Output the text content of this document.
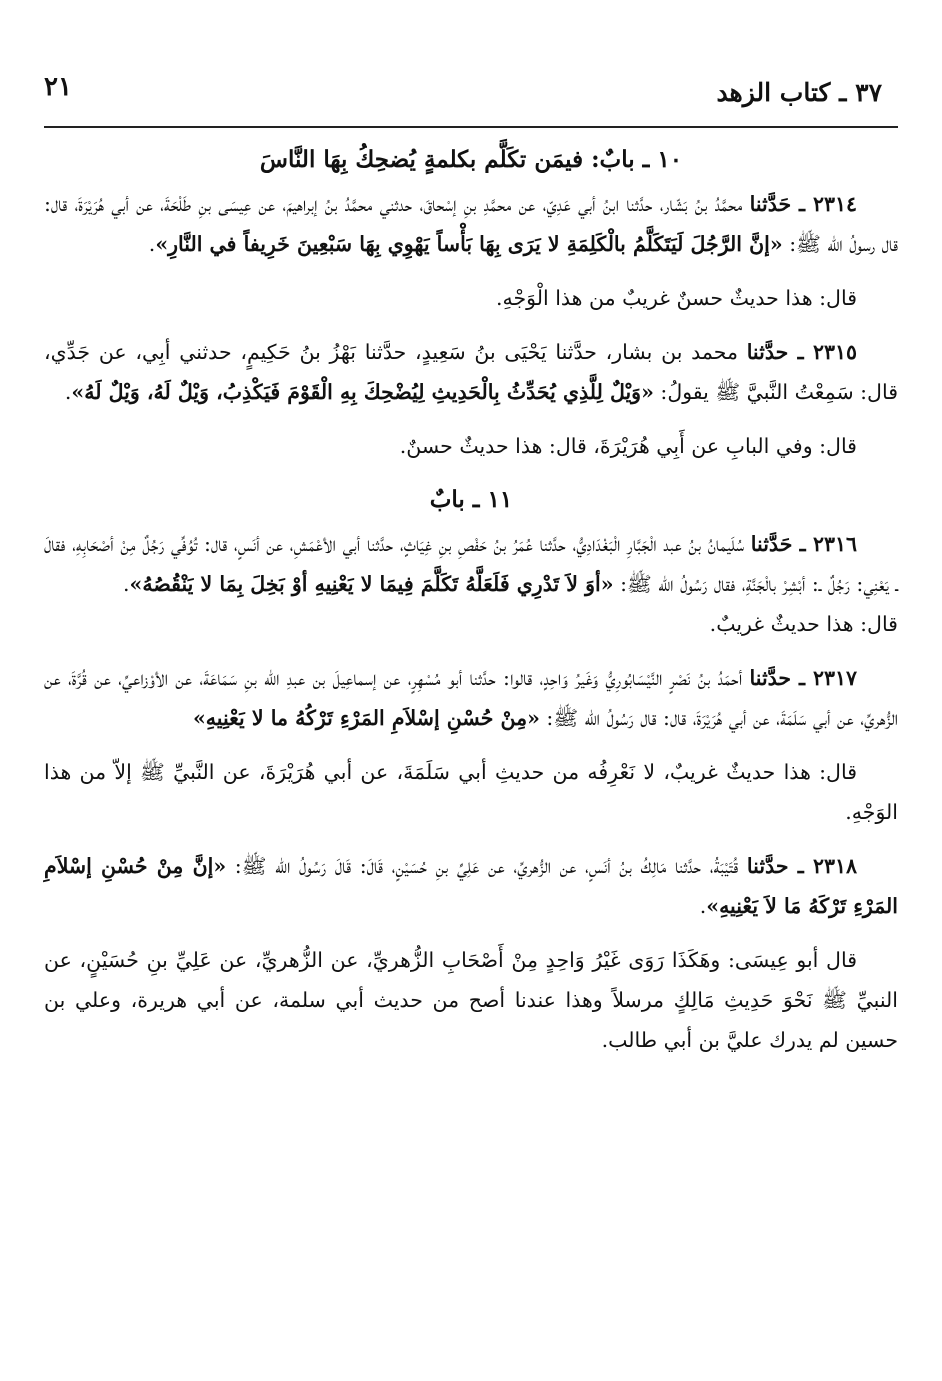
٣٧ ـ كتاب الزهد
٢١
١٠ ـ بابٌ: فيمَن تكَلَّم بكلمةٍ يُضحِكُ بِهَا النَّاسَ

٢٣١٤ ـ حَدَّثنا محمَّدُ بنُ بَشّار، حدَّثنا ابنُ أبي عَدِيّ، عن محمَّدِ بنِ إسْحاقَ، حدثني محمَّدُ بنُ إبراهيمَ، عن عِيسَى بنِ طَلْحَةَ، عن أبي هُرَيْرَةَ، قال: قال رسولُ الله ﷺ: «إنَّ الرَّجُلَ لَيَتَكَلَّمُ بالْكَلِمَةِ لا يَرَى بِهَا بَأْساً يَهْوِي بِهَا سَبْعِينَ خَرِيفاً في النَّارِ».

قال: هذا حديثٌ حسنٌ غريبٌ من هذا الْوَجْهِ.

٢٣١٥ ـ حدَّثنا محمد بن بشار، حدَّثنا يَحْيَى بنُ سَعِيدٍ، حدَّثنا بَهْزُ بنُ حَكِيمٍ، حدثني أبِي، عن جَدِّي، قال: سَمِعْتُ النَّبيَّ ﷺ يقولُ: «وَيْلٌ لِلَّذِي يُحَدِّثُ بِالْحَدِيثِ لِيُضْحِكَ بِهِ الْقَوْمَ فَيَكْذِبُ، وَيْلٌ لَهُ، وَيْلٌ لَهُ».

قال: وفي البابِ عن أَبِي هُرَيْرَةَ، قال: هذا حديثٌ حسنٌ.

١١ ـ بابٌ

٢٣١٦ ـ حَدَّثنا سُلَيمانُ بنُ عبد الْجَبَّارِ الْبَغْدَادِيُّ، حدَّثنا عُمَرُ بنُ حَفْصِ بنِ غِيَاثٍ، حدَّثنا أبي الأعْمَشِ، عن أنَسٍ، قال: تُوُفِّي رَجُلٌ مِنْ أصْحَابِهِ، فقالَ ـ يَعْنِي: رَجُلٌ ـ: أبْشِرْ بالْجَنَّةِ، فقال رَسُولُ الله ﷺ: «أوَ لاَ تَدْرِي فَلَعَلَّهُ تَكَلَّمَ فِيمَا لا يَعْنِيهِ أوْ بَخِلَ بِمَا لا يَنْقُصُهُ».

قال: هذا حديثٌ غريبٌ.

٢٣١٧ ـ حدَّثنا أحمَدُ بنُ نَصْرٍ النَّيْسَابُورِيُّ وَغَيرُ وَاحِدٍ، قالوا: حدَّثنا أبو مُسْهِرٍ، عن إسماعِيلَ بن عبدِ الله بنِ سَمَاعَةَ، عن الأوْزاعيِّ، عن قُرَّةَ، عن الزُّهريِّ، عن أبي سَلَمَةَ، عن أبي هُرَيْرَةَ، قال: قال رَسُولُ الله ﷺ: «مِنْ حُسْنِ إسْلاَمِ المَرْءِ تَرْكُهُ ما لا يَعْنِيهِ»

قال: هذا حديثٌ غريبٌ، لا نَعْرِفُه من حديثِ أبي سَلَمَةَ، عن أبي هُرَيْرَةَ، عن النَّبيِّ ﷺ إلاّ من هذا الوَجْهِ.

٢٣١٨ ـ حدَّثنا قُتَيْبَةُ، حدَّثنا مَالِكُ بنُ أنَسٍ، عن الزُّهريِّ، عن عَلِيِّ بنِ حُسَيْنٍ، قَالَ: قَالَ رَسُولُ الله ﷺ: «إنَّ مِنْ حُسْنِ إسْلاَمِ المَرْءِ تَرْكَهُ مَا لاَ يَعْنِيهِ».

قال أبو عِيسَى: وهَكَذَا رَوَى غَيْرُ وَاحِدٍ مِنْ أَصْحَابِ الزُّهريِّ، عن الزُّهريِّ، عن عَلِيِّ بنِ حُسَيْنٍ، عن النبيِّ ﷺ نَحْوَ حَدِيثِ مَالِكٍ مرسلاً وهذا عندنا أصح من حديث أبي سلمة، عن أبي هريرة، وعلي بن حسين لم يدرك عليَّ بن أبي طالب.
